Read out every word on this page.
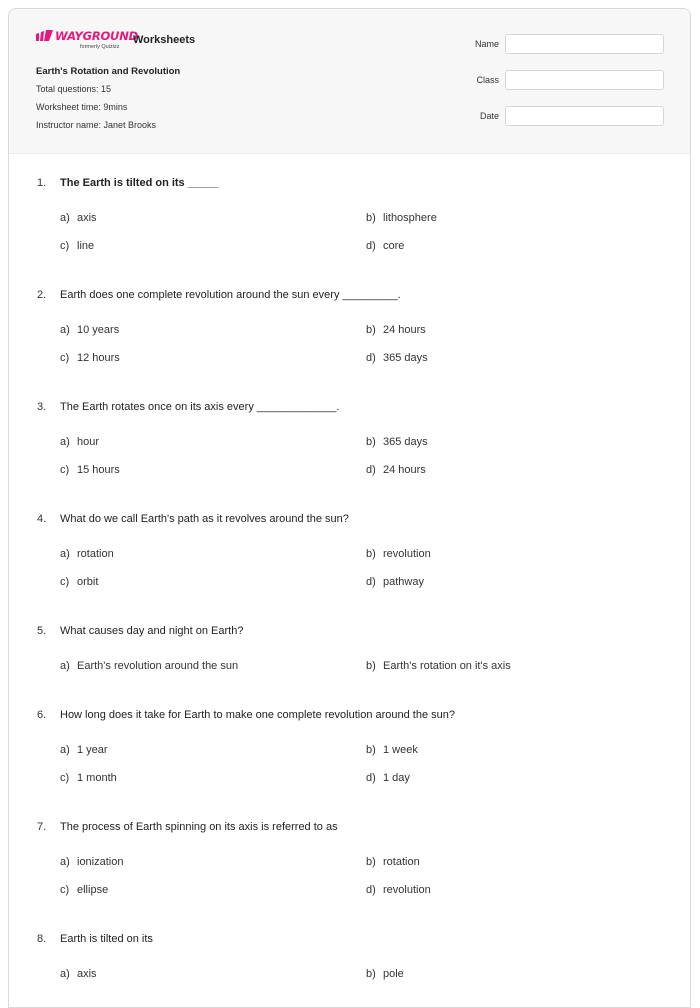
WAYGROUND
formerly Quizizz
Worksheets
Earth's Rotation and Revolution
Total questions: 15
Worksheet time: 9mins
Instructor name: Janet Brooks
Name
Class
Date
1. The Earth is tilted on its _____
a) axis	b) lithosphere
c) line	d) core
2. Earth does one complete revolution around the sun every _________.
a) 10 years	b) 24 hours
c) 12 hours	d) 365 days
3. The Earth rotates once on its axis every _____________.
a) hour	b) 365 days
c) 15 hours	d) 24 hours
4. What do we call Earth's path as it revolves around the sun?
a) rotation	b) revolution
c) orbit	d) pathway
5. What causes day and night on Earth?
a) Earth's revolution around the sun	b) Earth's rotation on it's axis
6. How long does it take for Earth to make one complete revolution around the sun?
a) 1 year	b) 1 week
c) 1 month	d) 1 day
7. The process of Earth spinning on its axis is referred to as
a) ionization	b) rotation
c) ellipse	d) revolution
8. Earth is tilted on its
a) axis	b) pole
